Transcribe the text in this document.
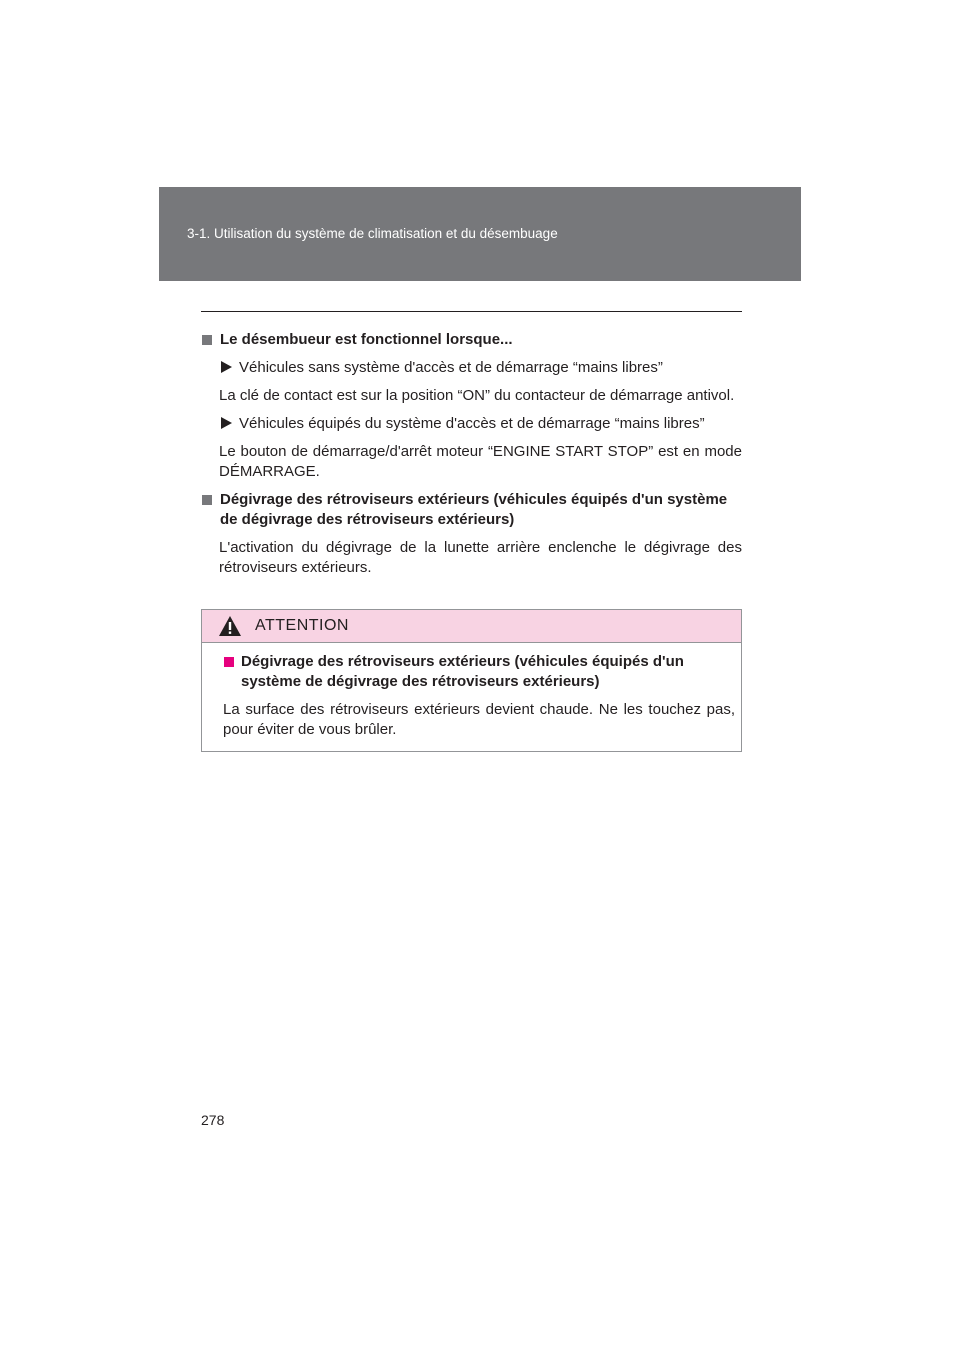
3-1. Utilisation du système de climatisation et du désembuage
Le désembueur est fonctionnel lorsque...
Véhicules sans système d'accès et de démarrage “mains libres”
La clé de contact est sur la position “ON” du contacteur de démarrage antivol.
Véhicules équipés du système d'accès et de démarrage “mains libres”
Le bouton de démarrage/d'arrêt moteur “ENGINE START STOP” est en mode DÉMARRAGE.
Dégivrage des rétroviseurs extérieurs (véhicules équipés d'un système de dégivrage des rétroviseurs extérieurs)
L'activation du dégivrage de la lunette arrière enclenche le dégivrage des rétroviseurs extérieurs.
ATTENTION
Dégivrage des rétroviseurs extérieurs (véhicules équipés d'un système de dégivrage des rétroviseurs extérieurs)
La surface des rétroviseurs extérieurs devient chaude. Ne les touchez pas, pour éviter de vous brûler.
278
